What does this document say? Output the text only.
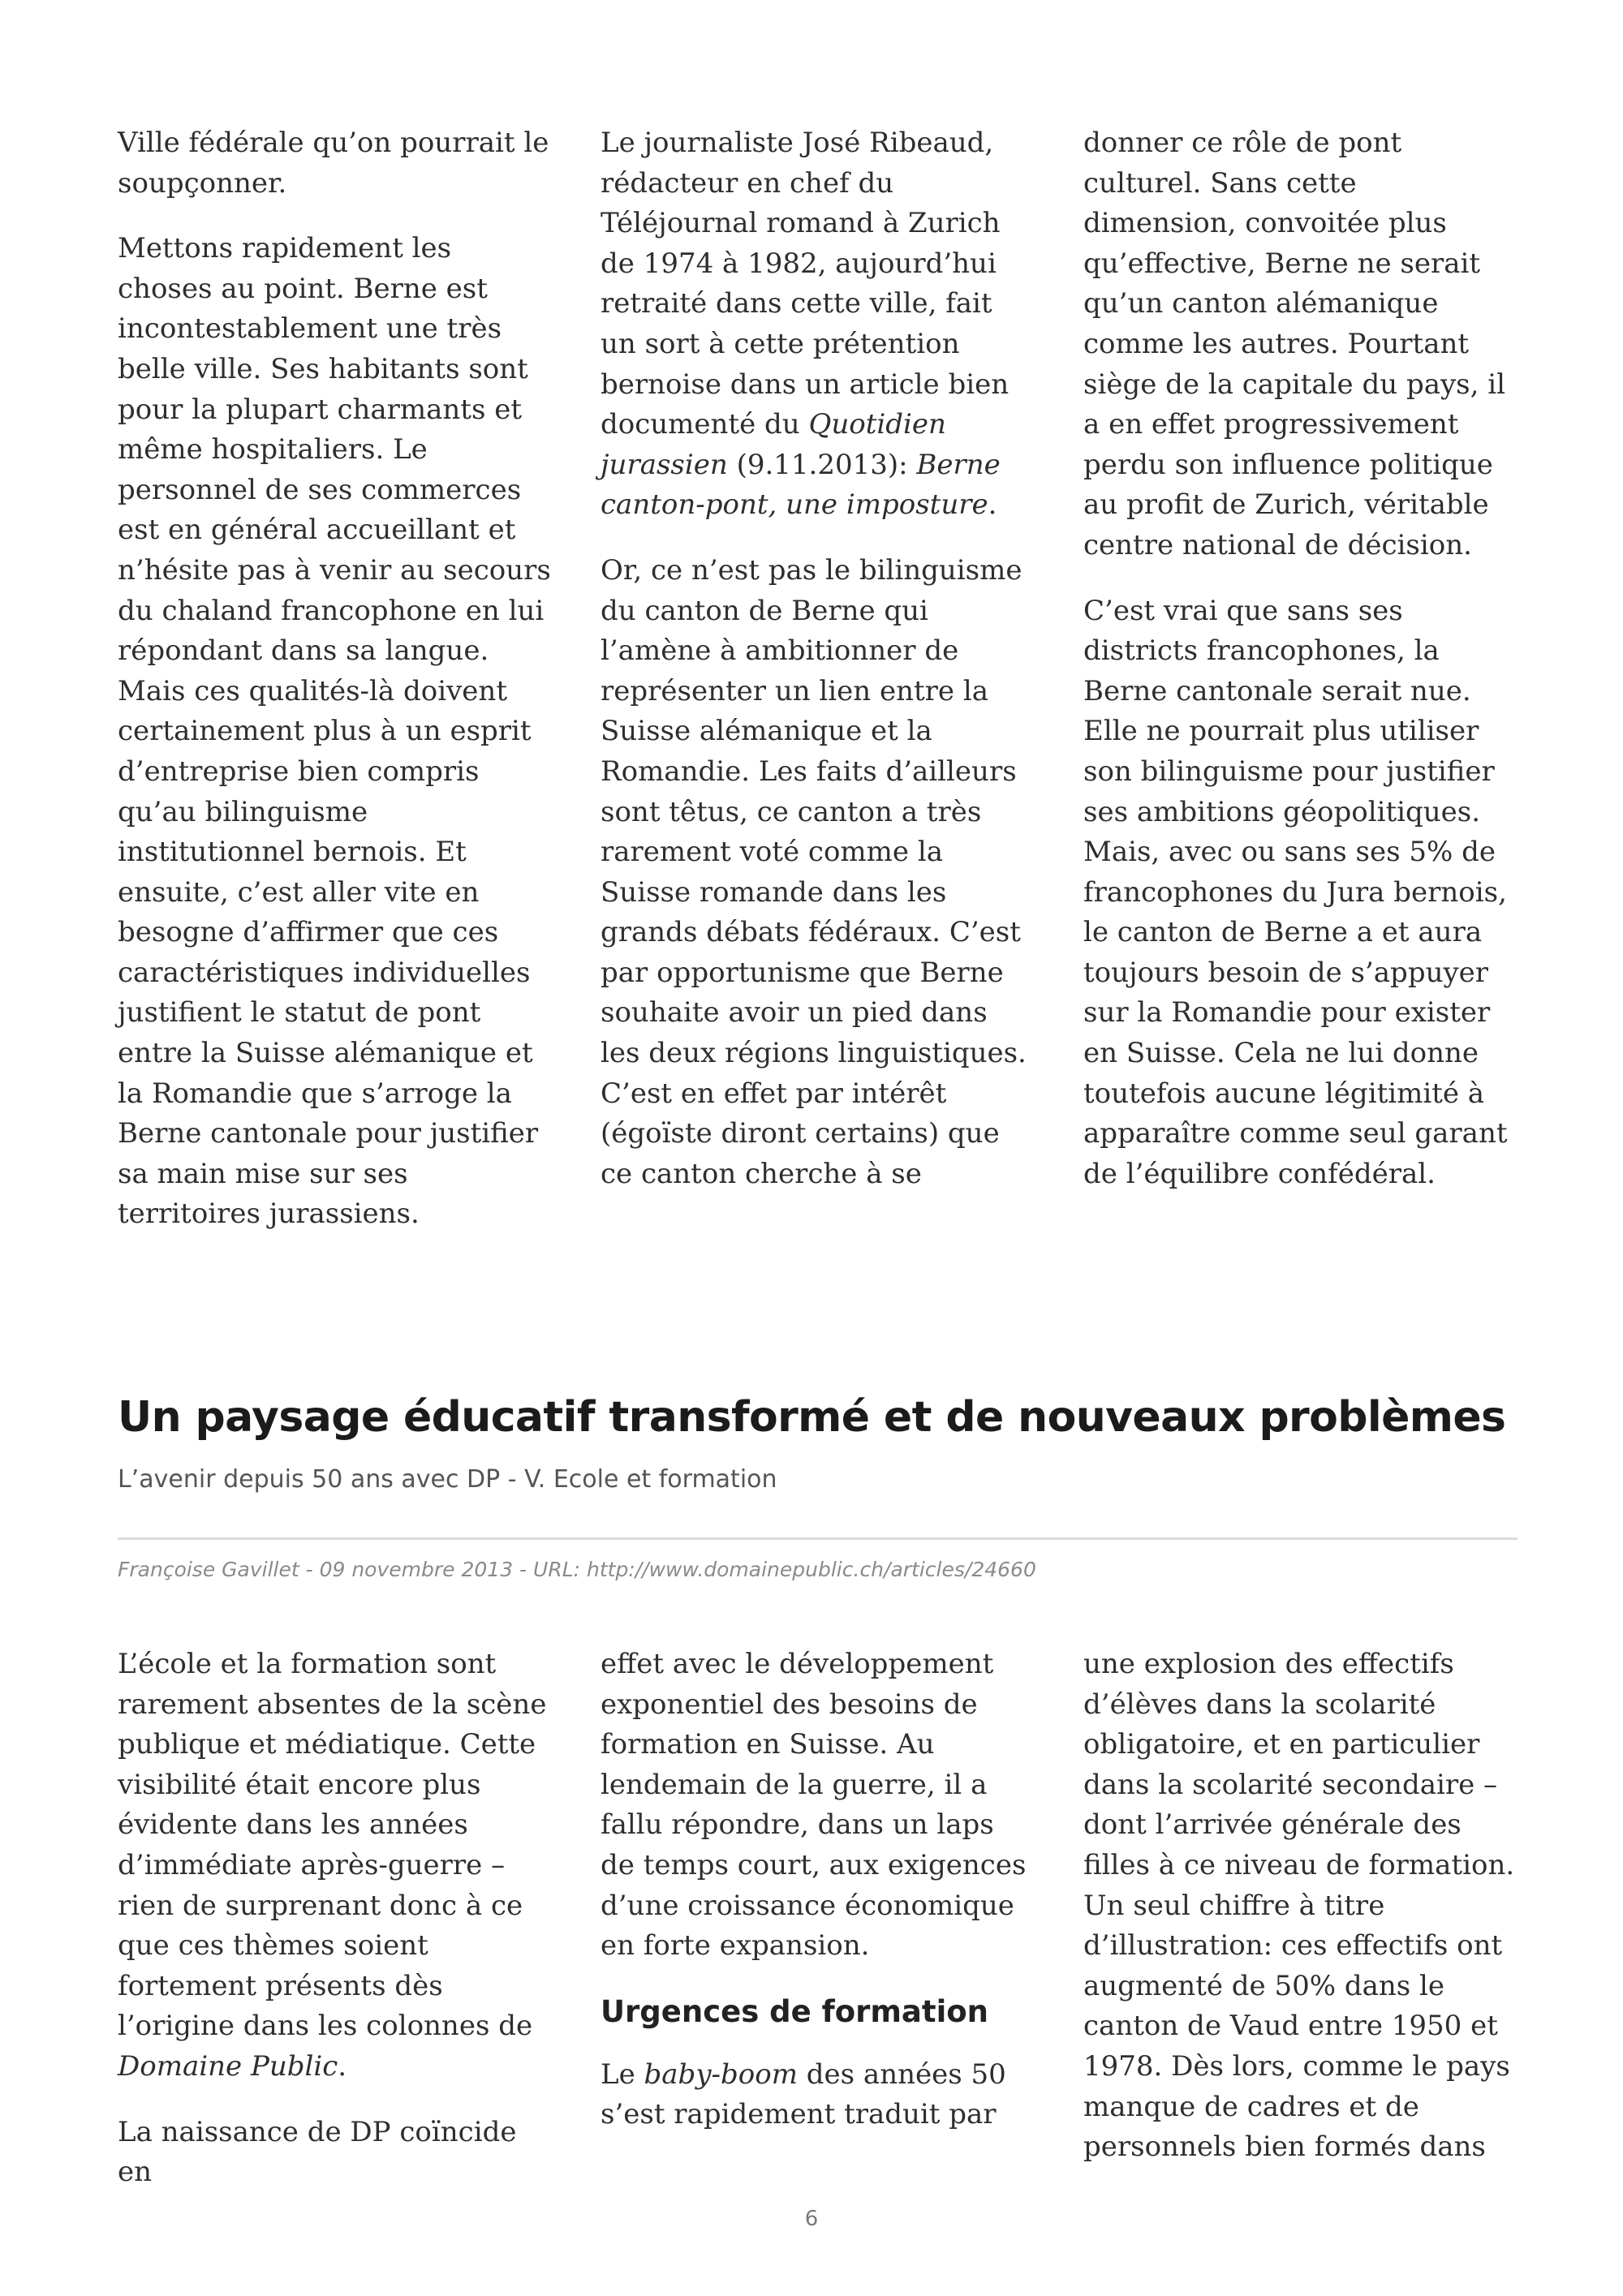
Ville fédérale qu’on pourrait le soupçonner.

Mettons rapidement les choses au point. Berne est incontestablement une très belle ville. Ses habitants sont pour la plupart charmants et même hospitaliers. Le personnel de ses commerces est en général accueillant et n’hésite pas à venir au secours du chaland francophone en lui répondant dans sa langue. Mais ces qualités-là doivent certainement plus à un esprit d’entreprise bien compris qu’au bilinguisme institutionnel bernois. Et ensuite, c’est aller vite en besogne d’affirmer que ces caractéristiques individuelles justifient le statut de pont entre la Suisse alémanique et la Romandie que s’arroge la Berne cantonale pour justifier sa main mise sur ses territoires jurassiens.

Le journaliste José Ribeaud, rédacteur en chef du Téléjournal romand à Zurich de 1974 à 1982, aujourd’hui retraité dans cette ville, fait un sort à cette prétention bernoise dans un article bien documenté du Quotidien jurassien (9.11.2013): Berne canton-pont, une imposture.

Or, ce n’est pas le bilinguisme du canton de Berne qui l’amène à ambitionner de représenter un lien entre la Suisse alémanique et la Romandie. Les faits d’ailleurs sont têtus, ce canton a très rarement voté comme la Suisse romande dans les grands débats fédéraux. C’est par opportunisme que Berne souhaite avoir un pied dans les deux régions linguistiques. C’est en effet par intérêt (égoïste diront certains) que ce canton cherche à se

donner ce rôle de pont culturel. Sans cette dimension, convoitée plus qu’effective, Berne ne serait qu’un canton alémanique comme les autres. Pourtant siège de la capitale du pays, il a en effet progressivement perdu son influence politique au profit de Zurich, véritable centre national de décision.

C’est vrai que sans ses districts francophones, la Berne cantonale serait nue. Elle ne pourrait plus utiliser son bilinguisme pour justifier ses ambitions géopolitiques. Mais, avec ou sans ses 5% de francophones du Jura bernois, le canton de Berne a et aura toujours besoin de s’appuyer sur la Romandie pour exister en Suisse. Cela ne lui donne toutefois aucune légitimité à apparaître comme seul garant de l’équilibre confédéral.

Un paysage éducatif transformé et de nouveaux problèmes

L’avenir depuis 50 ans avec DP - V. Ecole et formation

Françoise Gavillet - 09 novembre 2013 - URL: http://www.domainepublic.ch/articles/24660

L’école et la formation sont rarement absentes de la scène publique et médiatique. Cette visibilité était encore plus évidente dans les années d’immédiate après-guerre – rien de surprenant donc à ce que ces thèmes soient fortement présents dès l’origine dans les colonnes de Domaine Public.

La naissance de DP coïncide en

effet avec le développement exponentiel des besoins de formation en Suisse. Au lendemain de la guerre, il a fallu répondre, dans un laps de temps court, aux exigences d’une croissance économique en forte expansion.

Urgences de formation

Le baby-boom des années 50 s’est rapidement traduit par

une explosion des effectifs d’élèves dans la scolarité obligatoire, et en particulier dans la scolarité secondaire – dont l’arrivée générale des filles à ce niveau de formation. Un seul chiffre à titre d’illustration: ces effectifs ont augmenté de 50% dans le canton de Vaud entre 1950 et 1978. Dès lors, comme le pays manque de cadres et de personnels bien formés dans

6
